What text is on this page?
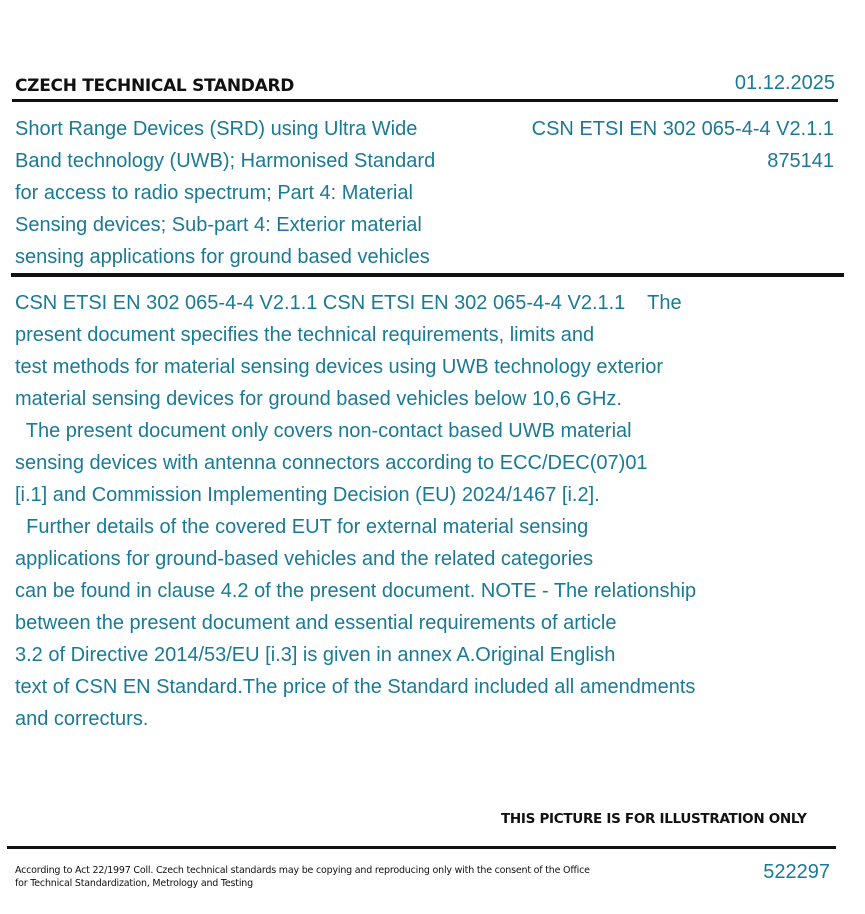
CZECH TECHNICAL STANDARD	01.12.2025
Short Range Devices (SRD) using Ultra Wide
Band technology (UWB); Harmonised Standard
for access to radio spectrum; Part 4: Material
Sensing devices; Sub-part 4: Exterior material
sensing applications for ground based vehicles
CSN ETSI EN 302 065-4-4 V2.1.1
875141
CSN ETSI EN 302 065-4-4 V2.1.1 CSN ETSI EN 302 065-4-4 V2.1.1    The
present document specifies the technical requirements, limits and
test methods for material sensing devices using UWB technology exterior
material sensing devices for ground based vehicles below 10,6 GHz.
The present document only covers non-contact based UWB material
sensing devices with antenna connectors according to ECC/DEC(07)01
[i.1] and Commission Implementing Decision (EU) 2024/1467 [i.2].
Further details of the covered EUT for external material sensing
applications for ground-based vehicles and the related categories
can be found in clause 4.2 of the present document. NOTE - The relationship
between the present document and essential requirements of article
3.2 of Directive 2014/53/EU [i.3] is given in annex A.Original English
text of CSN EN Standard.The price of the Standard included all amendments
and correcturs.
THIS PICTURE IS FOR ILLUSTRATION ONLY
According to Act 22/1997 Coll. Czech technical standards may be copying and reproducing only with the consent of the Office
for Technical Standardization, Metrology and Testing
522297
